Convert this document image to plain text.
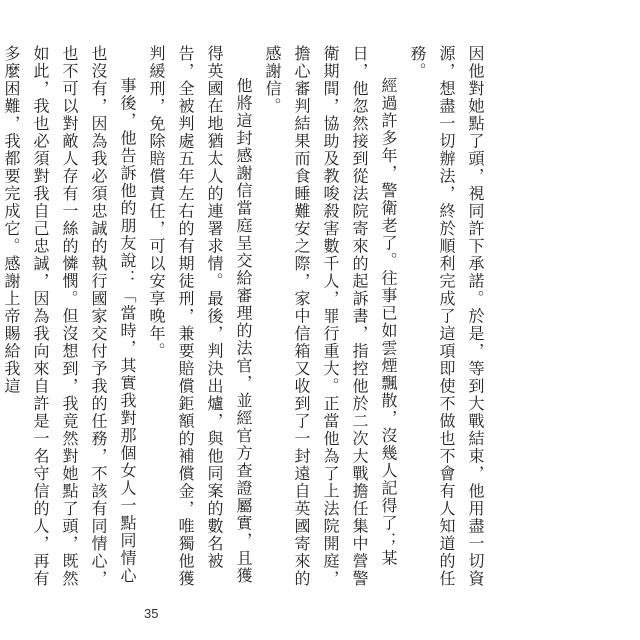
因他對她點了頭，視同許下承諾。於是，等到大戰結束，他用盡一切資源，想盡一切辦法，終於順利完成了這項即使不做也不會有人知道的任務。

經過許多年，警衛老了。往事已如雲煙飄散，沒幾人記得了；某日，他忽然接到從法院寄來的起訴書，指控他於二次大戰擔任集中營警衛期間，協助及教唆殺害數千人，罪行重大。正當他為了上法院開庭，擔心審判結果而食睡難安之際，家中信箱又收到了一封遠自英國寄來的感謝信。

他將這封感謝信當庭呈交給審理的法官，並經官方查證屬實，且獲得英國在地猶太人的連署求情。最後，判決出爐，與他同案的數名被告，全被判處五年左右的有期徒刑，兼要賠償鉅額的補償金，唯獨他獲判緩刑，免除賠償責任，可以安享晚年。

事後，他告訴他的朋友說：「當時，其實我對那個女人一點同情心也沒有，因為我必須忠誠的執行國家交付予我的任務，不該有同情心，也不可以對敵人存有一絲的憐憫。但沒想到，我竟然對她點了頭，既然如此，我也必須對我自己忠誠，因為我向來自許是一名守信的人，再有多麼困難，我都要完成它。感謝上帝賜給我這

35
